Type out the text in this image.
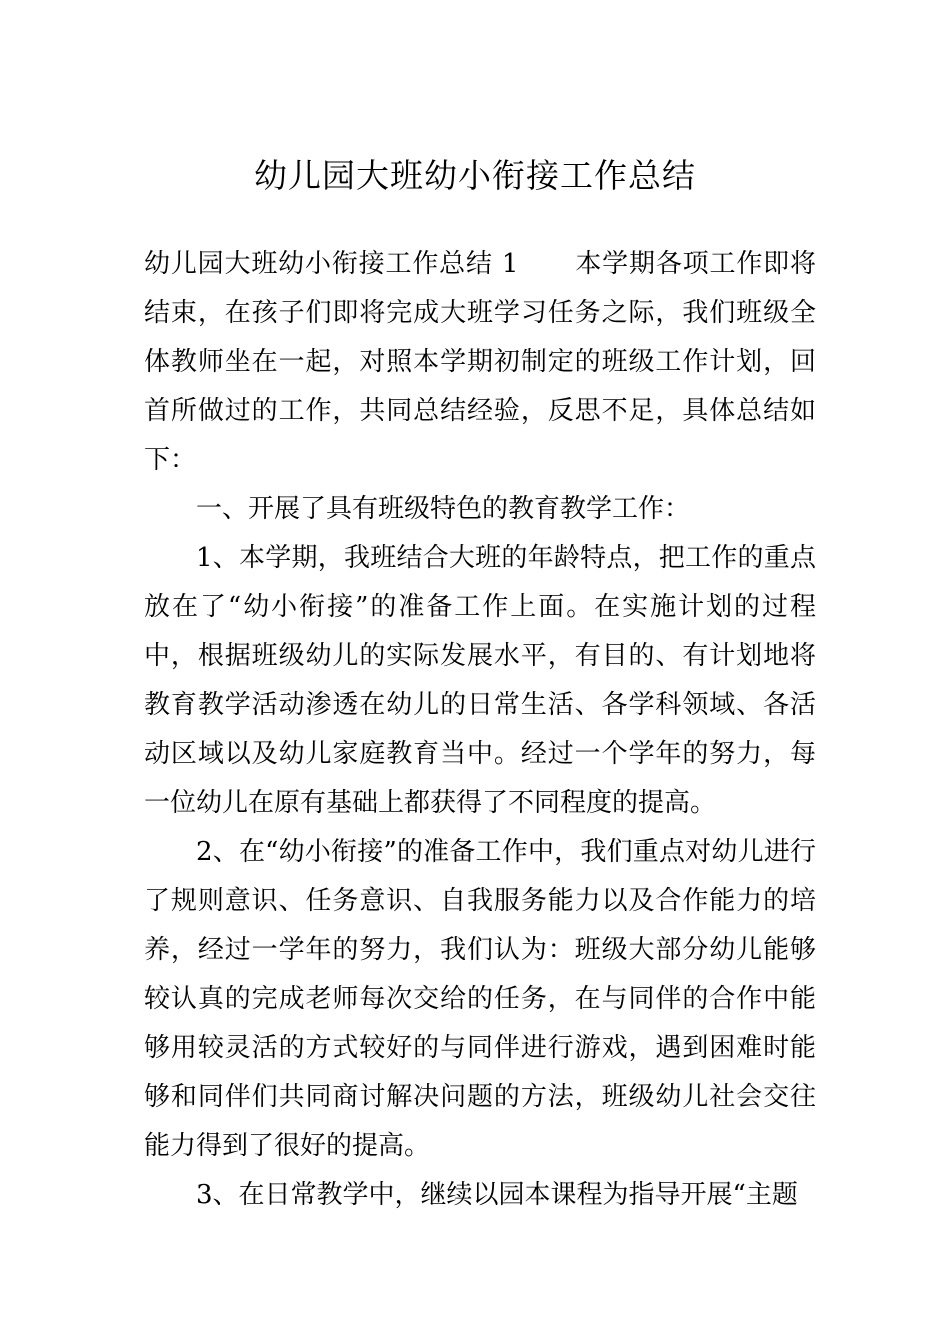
幼儿园大班幼小衔接工作总结

幼儿园大班幼小衔接工作总结 1 本学期各项工作即将结束，在孩子们即将完成大班学习任务之际，我们班级全体教师坐在一起，对照本学期初制定的班级工作计划，回首所做过的工作，共同总结经验，反思不足，具体总结如下：

一、开展了具有班级特色的教育教学工作：

1、本学期，我班结合大班的年龄特点，把工作的重点放在了“幼小衔接”的准备工作上面。在实施计划的过程中，根据班级幼儿的实际发展水平，有目的、有计划地将教育教学活动渗透在幼儿的日常生活、各学科领域、各活动区域以及幼儿家庭教育当中。经过一个学年的努力，每一位幼儿在原有基础上都获得了不同程度的提高。

2、在“幼小衔接”的准备工作中，我们重点对幼儿进行了规则意识、任务意识、自我服务能力以及合作能力的培养，经过一学年的努力，我们认为：班级大部分幼儿能够较认真的完成老师每次交给的任务，在与同伴的合作中能够用较灵活的方式较好的与同伴进行游戏，遇到困难时能够和同伴们共同商讨解决问题的方法，班级幼儿社会交往能力得到了很好的提高。

3、在日常教学中，继续以园本课程为指导开展“主题
